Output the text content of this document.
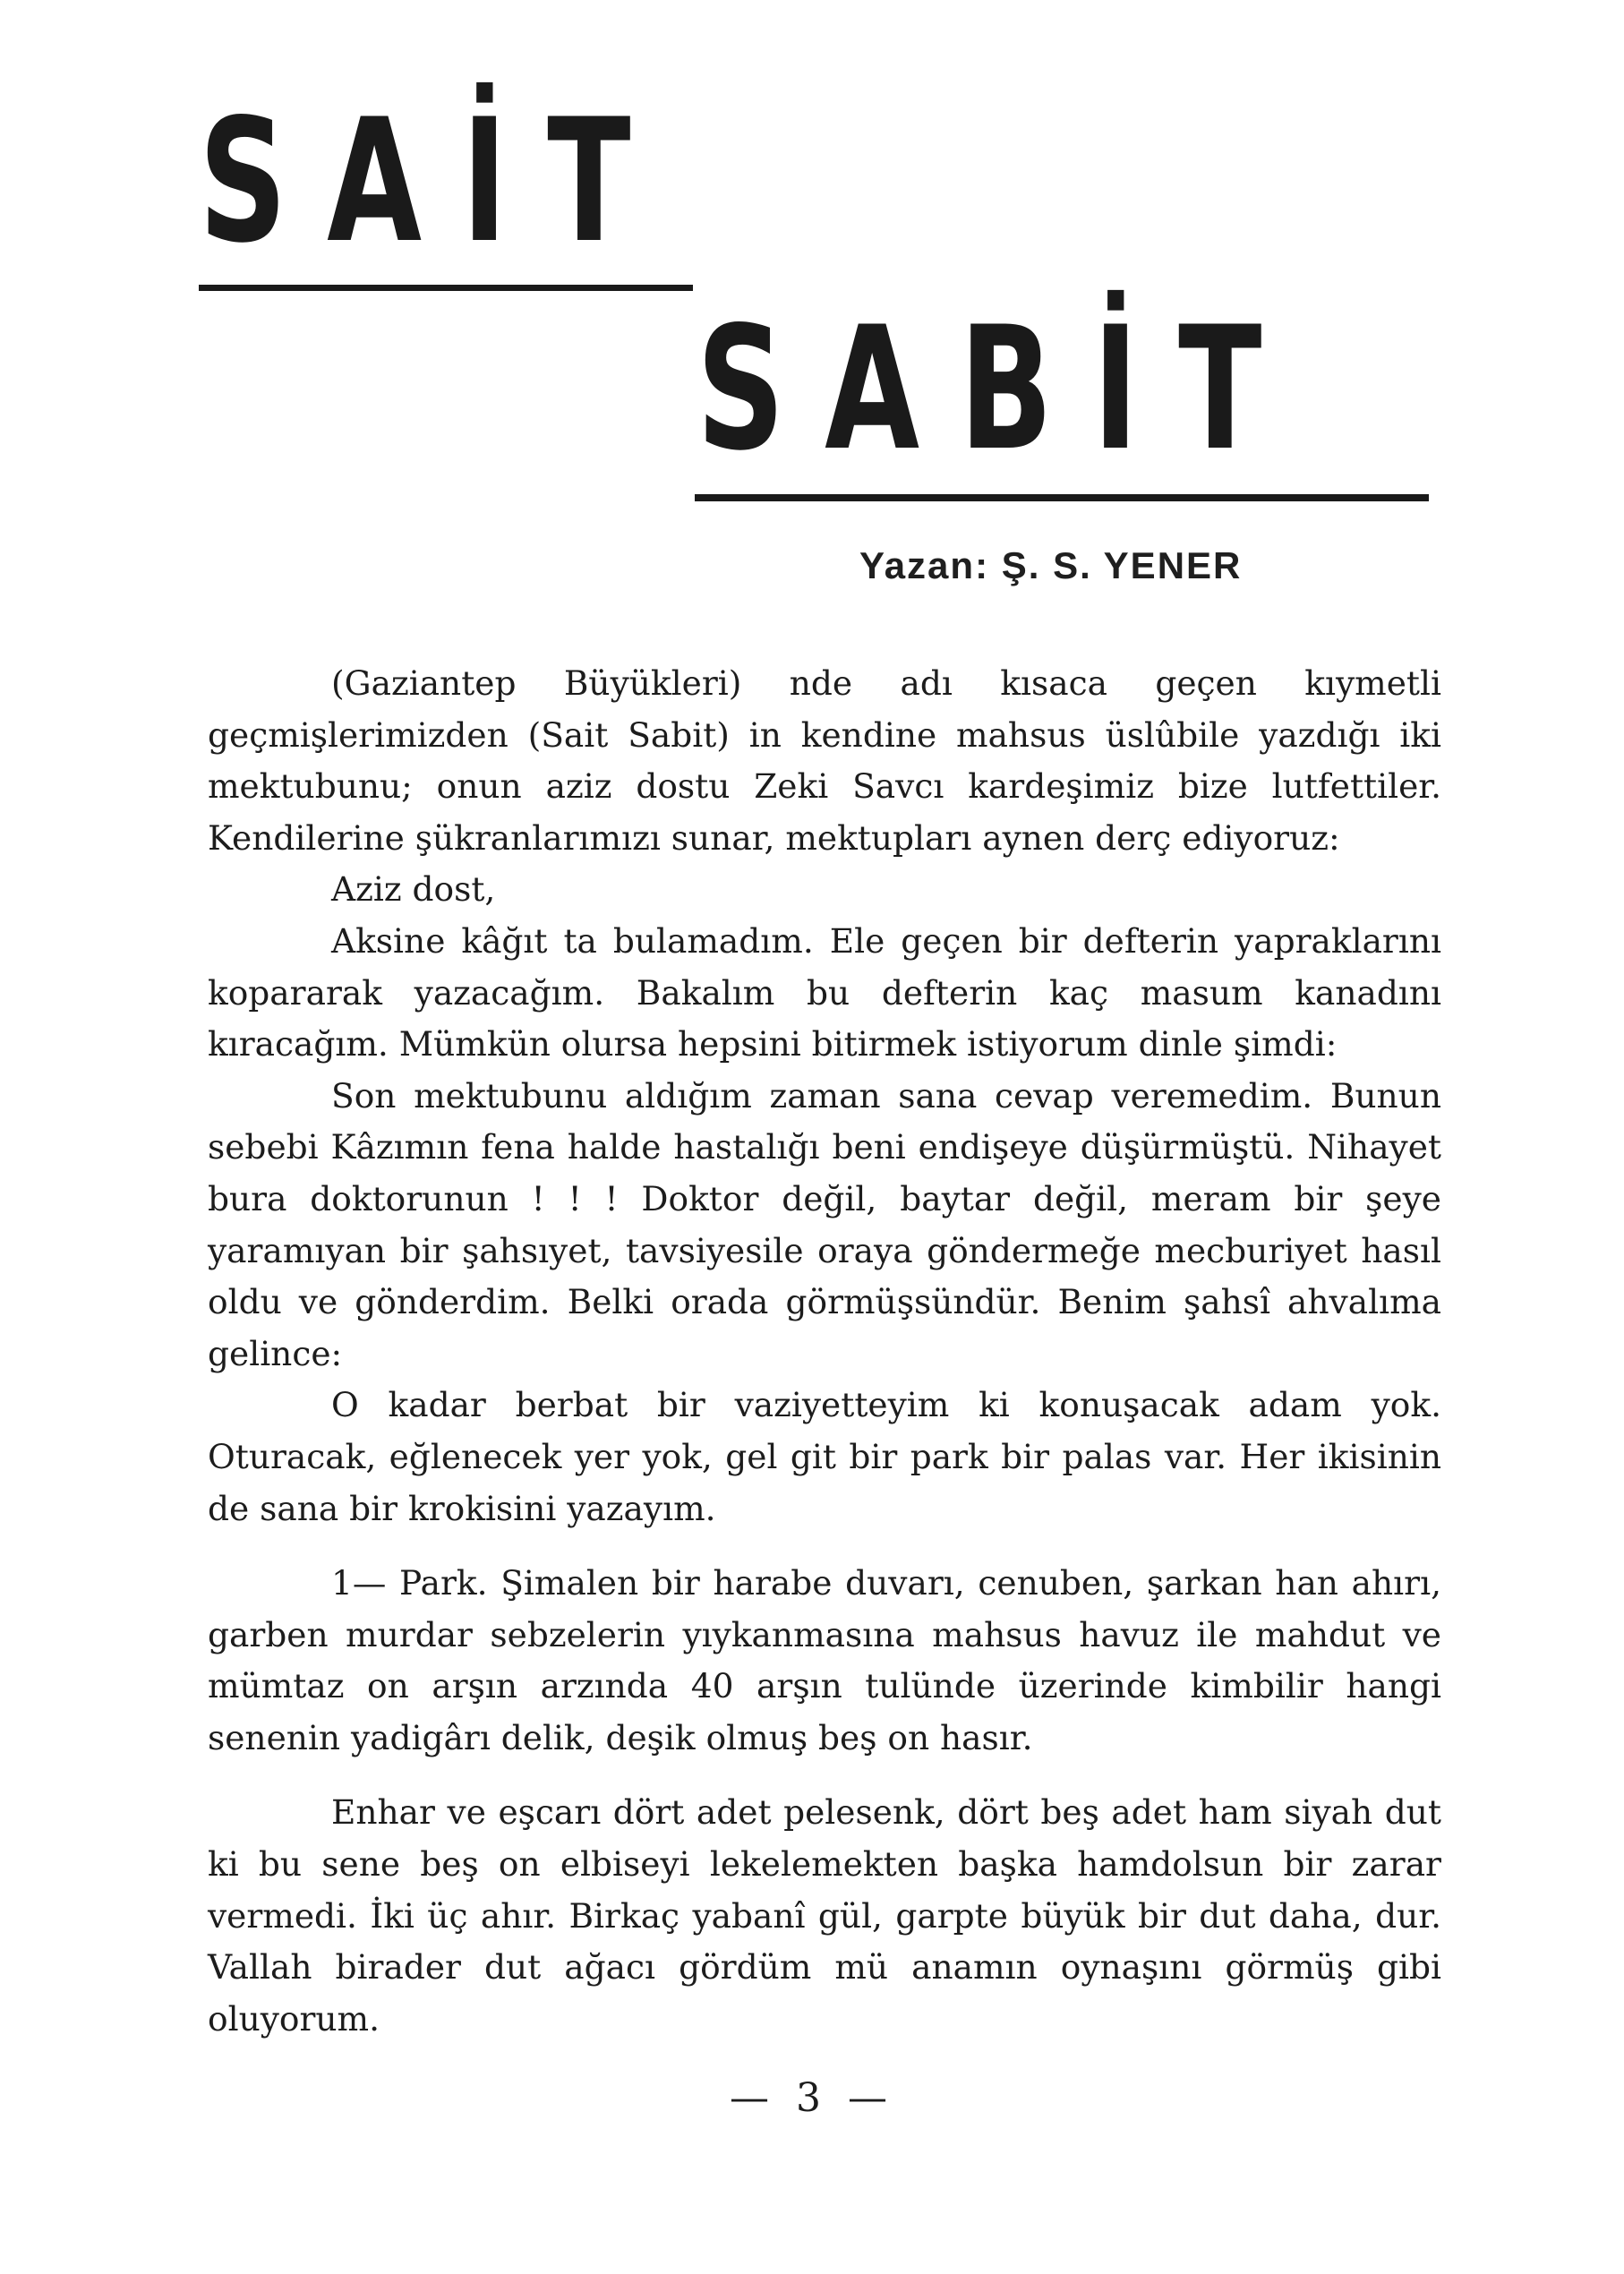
SAİT
SABİT
Yazan: Ş. S. YENER

(Gaziantep Büyükleri) nde adı kısaca geçen kıymetli geçmişlerimizden (Sait Sabit) in kendine mahsus üslûbile yazdığı iki mektubunu; onun aziz dostu Zeki Savcı kardeşimiz bize lutfettiler. Kendilerine şükranlarımızı sunar, mektupları aynen derç ediyoruz:

Aziz dost,

Aksine kâğıt ta bulamadım. Ele geçen bir defterin yapraklarını kopararak yazacağım. Bakalım bu defterin kaç masum kanadını kıracağım. Mümkün olursa hepsini bitirmek istiyorum dinle şimdi:

Son mektubunu aldığım zaman sana cevap veremedim. Bunun sebebi Kâzımın fena halde hastalığı beni endişeye düşürmüştü. Nihayet bura doktorunun ! ! ! Doktor değil, baytar değil, meram bir şeye yaramıyan bir şahsıyet, tavsiyesile oraya göndermeğe mecburiyet hasıl oldu ve gönderdim. Belki orada görmüşsündür. Benim şahsî ahvalıma gelince:

O kadar berbat bir vaziyetteyim ki konuşacak adam yok. Oturacak, eğlenecek yer yok, gel git bir park bir palas var. Her ikisinin de sana bir krokisini yazayım.

1— Park. Şimalen bir harabe duvarı, cenuben, şarkan han ahırı, garben murdar sebzelerin yıykanmasına mahsus havuz ile mahdut ve mümtaz on arşın arzında 40 arşın tulünde üzerinde kimbilir hangi senenin yadigârı delik, deşik olmuş beş on hasır.

Enhar ve eşcarı dört adet pelesenk, dört beş adet ham siyah dut ki bu sene beş on elbiseyi lekelemekten başka hamdolsun bir zarar vermedi. İki üç ahır. Birkaç yabanî gül, garpte büyük bir dut daha, dur. Vallah birader dut ağacı gördüm mü anamın oynaşını görmüş gibi oluyorum.

— 3 —
